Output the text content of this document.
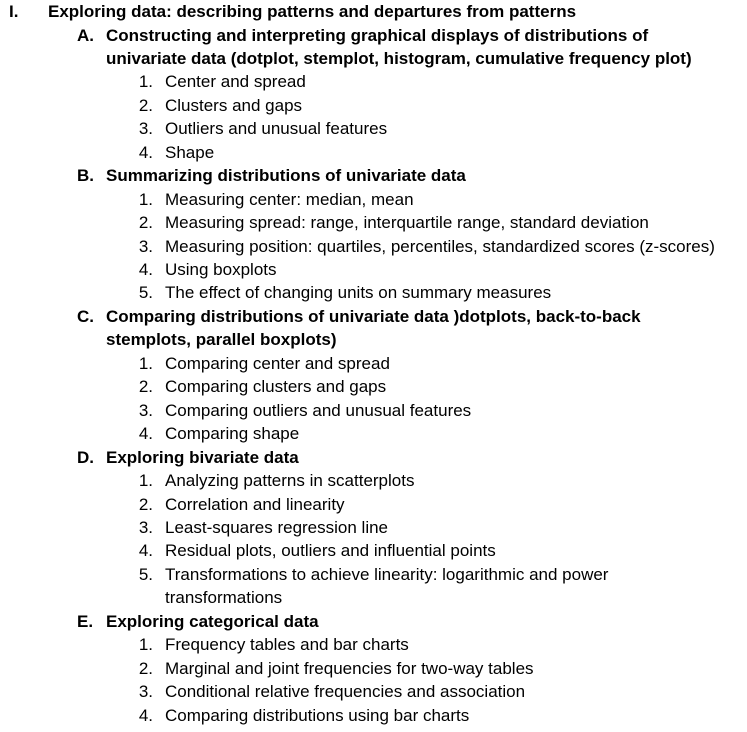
I. Exploring data: describing patterns and departures from patterns
A. Constructing and interpreting graphical displays of distributions of
univariate data (dotplot, stemplot, histogram, cumulative frequency plot)
1. Center and spread
2. Clusters and gaps
3. Outliers and unusual features
4. Shape
B. Summarizing distributions of univariate data
1. Measuring center: median, mean
2. Measuring spread: range, interquartile range, standard deviation
3. Measuring position: quartiles, percentiles, standardized scores (z-scores)
4. Using boxplots
5. The effect of changing units on summary measures
C. Comparing distributions of univariate data )dotplots, back-to-back
stemplots, parallel boxplots)
1. Comparing center and spread
2. Comparing clusters and gaps
3. Comparing outliers and unusual features
4. Comparing shape
D. Exploring bivariate data
1. Analyzing patterns in scatterplots
2. Correlation and linearity
3. Least-squares regression line
4. Residual plots, outliers and influential points
5. Transformations to achieve linearity: logarithmic and power
transformations
E. Exploring categorical data
1. Frequency tables and bar charts
2. Marginal and joint frequencies for two-way tables
3. Conditional relative frequencies and association
4. Comparing distributions using bar charts
